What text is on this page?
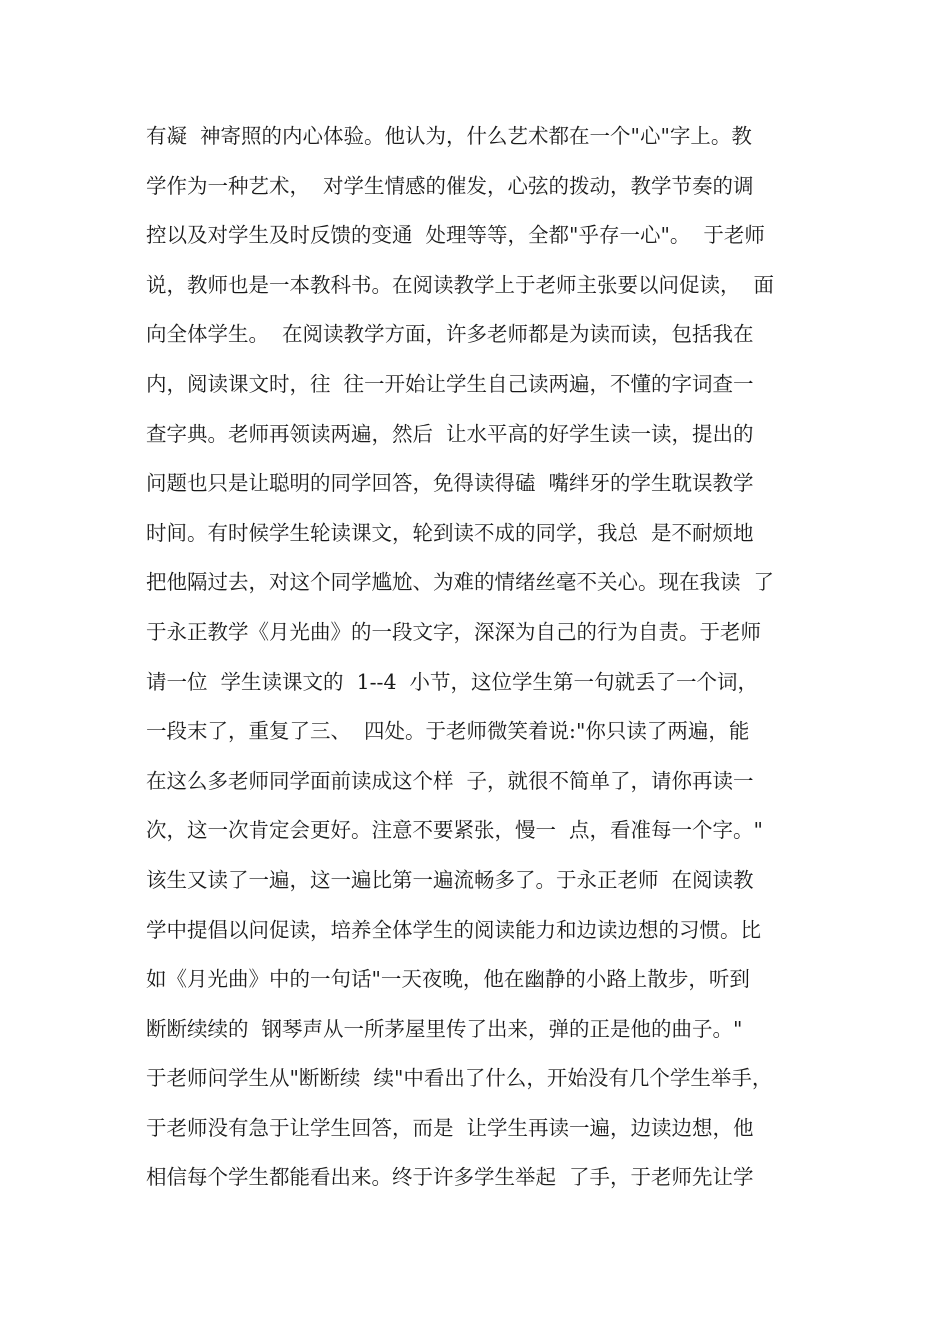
有凝  神寄照的内心体验。他认为，什么艺术都在一个"心"字上。教
学作为一种艺术，  对学生情感的催发，心弦的拨动，教学节奏的调
控以及对学生及时反馈的变通  处理等等，全都"乎存一心"。  于老师
说，教师也是一本教科书。在阅读教学上于老师主张要以问促读，  面
向全体学生。  在阅读教学方面，许多老师都是为读而读，包括我在
内，阅读课文时，往  往一开始让学生自己读两遍，不懂的字词查一
查字典。老师再领读两遍，然后  让水平高的好学生读一读，提出的
问题也只是让聪明的同学回答，免得读得磕  嘴绊牙的学生耽误教学
时间。有时候学生轮读课文，轮到读不成的同学，我总  是不耐烦地
把他隔过去，对这个同学尴尬、为难的情绪丝毫不关心。现在我读  了
于永正教学《月光曲》的一段文字，深深为自己的行为自责。于老师
请一位  学生读课文的  1--4  小节，这位学生第一句就丢了一个词，
一段末了，重复了三、  四处。于老师微笑着说:"你只读了两遍，能
在这么多老师同学面前读成这个样  子，就很不简单了，请你再读一
次，这一次肯定会更好。注意不要紧张，慢一  点，看准每一个字。"
该生又读了一遍，这一遍比第一遍流畅多了。于永正老师  在阅读教
学中提倡以问促读，培养全体学生的阅读能力和边读边想的习惯。比
如《月光曲》中的一句话"一天夜晚，他在幽静的小路上散步，听到
断断续续的  钢琴声从一所茅屋里传了出来，弹的正是他的曲子。"
于老师问学生从"断断续  续"中看出了什么，开始没有几个学生举手，
于老师没有急于让学生回答，而是  让学生再读一遍，边读边想，他
相信每个学生都能看出来。终于许多学生举起  了手，于老师先让学
